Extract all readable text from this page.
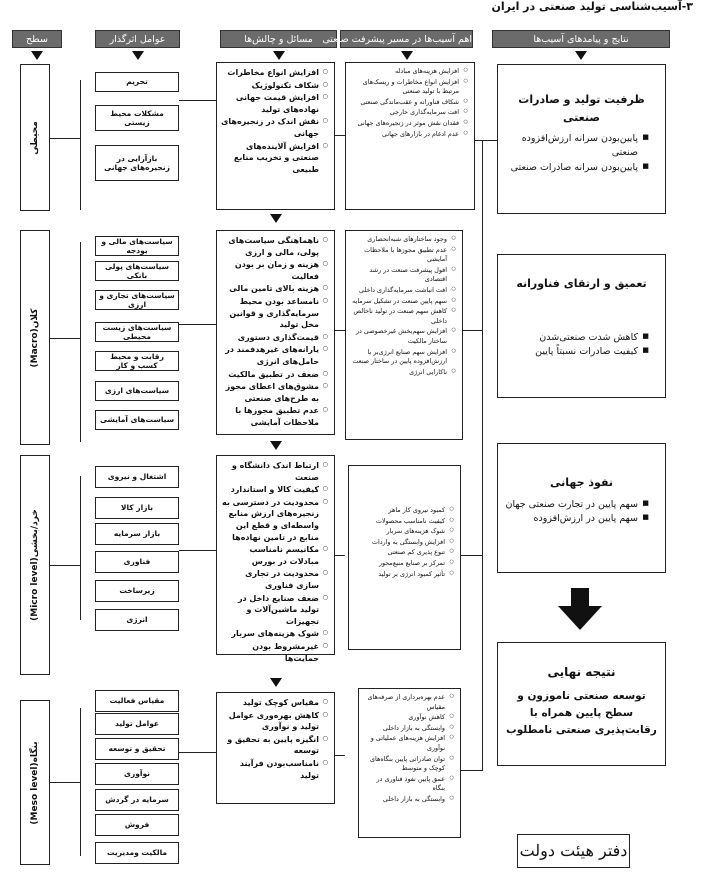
۳-آسیب‌شناسی تولید صنعتی در ایران
سطح	عوامل اثرگذار	مسائل و چالش‌ها	اهم آسیب‌ها در مسیر پیشرفت صنعتی	نتایج و پیامدهای آسیب‌ها
محیطی
کلان(Macro)
خرد/بخشی(Micro level)
بنگاه(Meso level)
تحریم
مشکلات محیط زیستی
بازآرایی در زنجیره‌های جهانی
سیاست‌های مالی و بودجه
سیاست‌های پولی بانکی
سیاست‌های تجاری و ارزی
سیاست‌های زیست محیطی
رقابت و محیط کسب و کار
سیاست‌های ارزی
سیاست‌های آمایشی
اشتغال و نیروی
بازار کالا
بازار سرمایه
فناوری
زیرساخت
انرژی
مقیاس فعالیت
عوامل تولید
تحقیق و توسعه
نوآوری
سرمایه در گردش
فروش
مالکیت ومدیریت
○ افزایش انواع مخاطرات
○ شکاف تکنولوژیک
○ افزایش قیمت جهانی نهاده‌های تولید
○ نقش اندک در زنجیره‌های جهانی
○ افزایش آلاینده‌های صنعتی و تخریب منابع طبیعی
○ ناهماهنگی سیاست‌های پولی، مالی و ارزی
○ هزینه و زمان بر بودن فعالیت
○ هزینه بالای تامین مالی
○ نامساعد بودن محیط سرمایه‌گذاری و قوانین مخل تولید
○ قیمت‌گذاری دستوری
○ یارانه‌های غیرهدفمند در حامل‌های انرژی
○ ضعف در تطبیق مالکیت
○ مشوق‌های اعطای مجوز به طرح‌های صنعتی
○ عدم تطبیق مجوزها با ملاحظات آمایشی
○ ارتباط اندک دانشگاه و صنعت
○ کیفیت کالا و استاندارد
○ محدودیت در دسترسی به زنجیره‌های ارزش منابع واسطه‌ای و قطع این منابع در تامین نهاده‌ها
○ مکانیسم نامناسب مبادلات در بورس
○ محدودیت در تجاری سازی فناوری
○ ضعف صنایع داخل در تولید ماشین‌آلات و تجهیزات
○ شوک هزینه‌های سربار
○ غیرمشروط بودن حمایت‌ها
○ مقیاس کوچک تولید
○ کاهش بهره‌وری عوامل تولید و نوآوری
○ انگیزه پایین به تحقیق و توسعه
○ نامناسب‌بودن فرآیند تولید
○ افزایش هزینه‌های مبادله
○ افزایش انواع مخاطرات و ریسک‌های مرتبط با تولید صنعتی
○ شکاف فناورانه و عقب‌ماندگی صنعتی
○ افت سرمایه‌گذاری خارجی
○ فقدان نقش موثر در زنجیره‌های جهانی
○ عدم ادغام در بازارهای جهانی
○ وجود ساختارهای شبه‌انحصاری
○ عدم تطبیق مجوزها با ملاحظات آمایشی
○ افول پیشرفت صنعت در رشد اقتصادی
○ افت انباشت سرمایه‌گذاری داخلی
○ سهم پایین صنعت در تشکیل سرمایه
○ کاهش سهم صنعت در تولید ناخالص داخلی
○ افزایش سهم‌بخش غیرخصوصی در ساختار مالکیت
○ افزایش سهم صنایع انرژی‌بر با ارزش‌افزوده پایین در ساختار صنعت
○ ناکارایی انرژی
○ کمبود نیروی کار ماهر
○ کیفیت نامناسب محصولات
○ شوک هزینه‌های سربار
○ افزایش وابستگی به واردات
○ تنوع پذیری کم صنعتی
○ تمرکز بر صنایع منبع‌محور
○ تأثیر کمبود انرژی بر تولید
○ عدم بهره‌برداری از صرفه‌های مقیاس
○ کاهش نوآوری
○ وابستگی به بازار داخلی
○ افزایش هزینه‌های عملیاتی و نوآوری
○ توان صادراتی پایین بنگاه‌های کوچک و متوسط
○ عمق پایین نفوذ فناوری در بنگاه
○ وابستگی به بازار داخلی
ظرفیت تولید و صادرات صنعتی
■ پایین‌بودن سرانه ارزش‌افزوده صنعتی
■ پایین‌بودن سرانه صادرات صنعتی
تعمیق و ارتقای فناورانه
■ کاهش شدت صنعتی‌شدن
■ کیفیت صادرات نسبتاً پایین
نفوذ جهانی
■ سهم پایین در تجارت صنعتی جهان
■ سهم پایین در ارزش‌افزوده
نتیجه نهایی
توسعه صنعتی ناموزون و سطح پایین همراه با رقابت‌پذیری صنعتی نامطلوب
دفتر هیئت دولت
